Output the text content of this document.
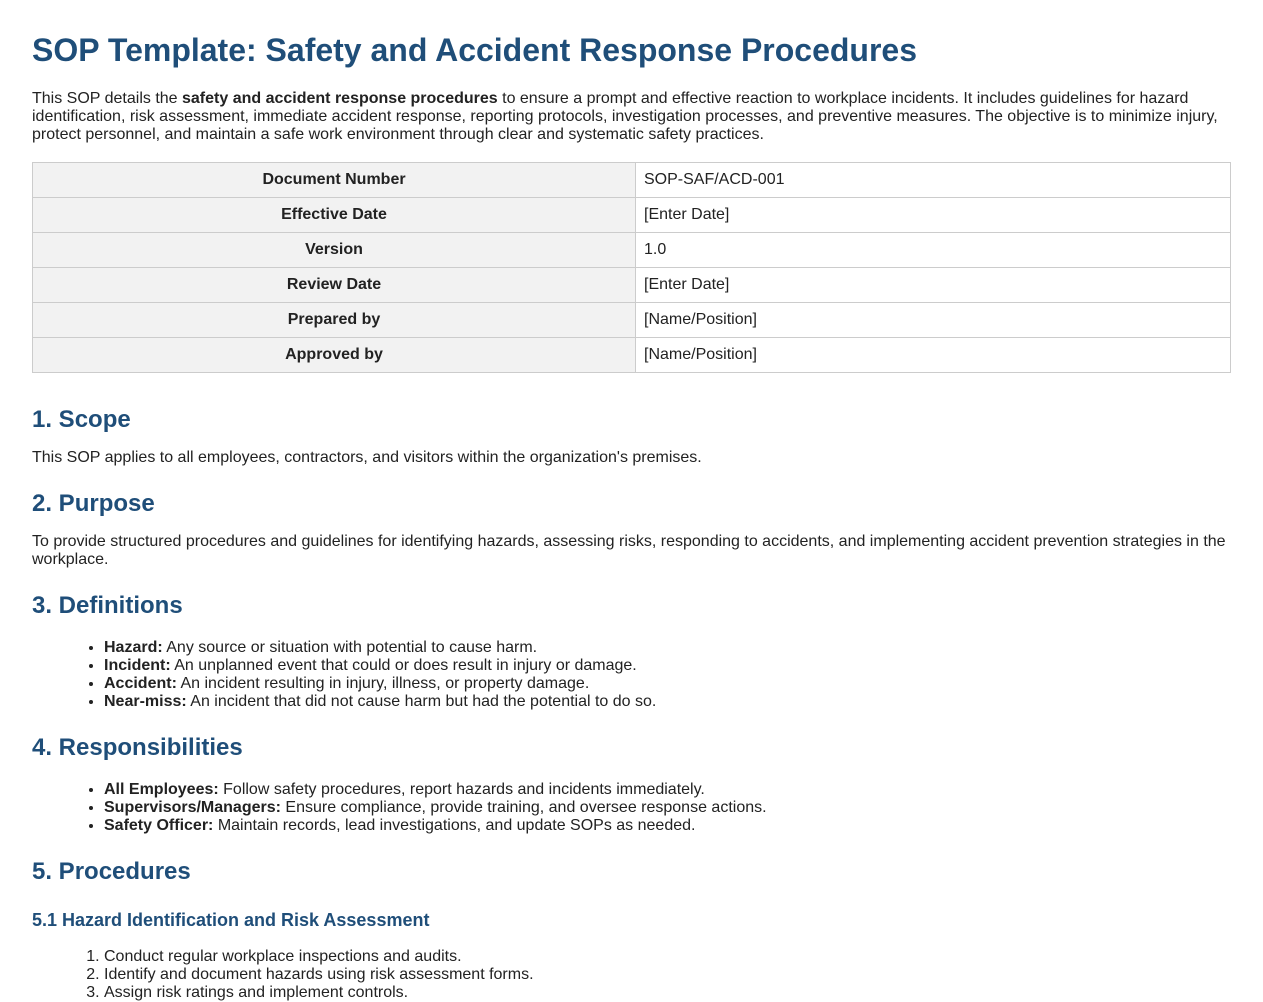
SOP Template: Safety and Accident Response Procedures

This SOP details the safety and accident response procedures to ensure a prompt and effective reaction to workplace incidents. It includes guidelines for hazard identification, risk assessment, immediate accident response, reporting protocols, investigation processes, and preventive measures. The objective is to minimize injury, protect personnel, and maintain a safe work environment through clear and systematic safety practices.

Document Number	SOP-SAF/ACD-001
Effective Date	[Enter Date]
Version	1.0
Review Date	[Enter Date]
Prepared by	[Name/Position]
Approved by	[Name/Position]
1. Scope

This SOP applies to all employees, contractors, and visitors within the organization's premises.

2. Purpose

To provide structured procedures and guidelines for identifying hazards, assessing risks, responding to accidents, and implementing accident prevention strategies in the workplace.

3. Definitions
• Hazard: Any source or situation with potential to cause harm.
• Incident: An unplanned event that could or does result in injury or damage.
• Accident: An incident resulting in injury, illness, or property damage.
• Near-miss: An incident that did not cause harm but had the potential to do so.
4. Responsibilities
• All Employees: Follow safety procedures, report hazards and incidents immediately.
• Supervisors/Managers: Ensure compliance, provide training, and oversee response actions.
• Safety Officer: Maintain records, lead investigations, and update SOPs as needed.
5. Procedures
5.1 Hazard Identification and Risk Assessment
1. Conduct regular workplace inspections and audits.
2. Identify and document hazards using risk assessment forms.
3. Assign risk ratings and implement controls.
